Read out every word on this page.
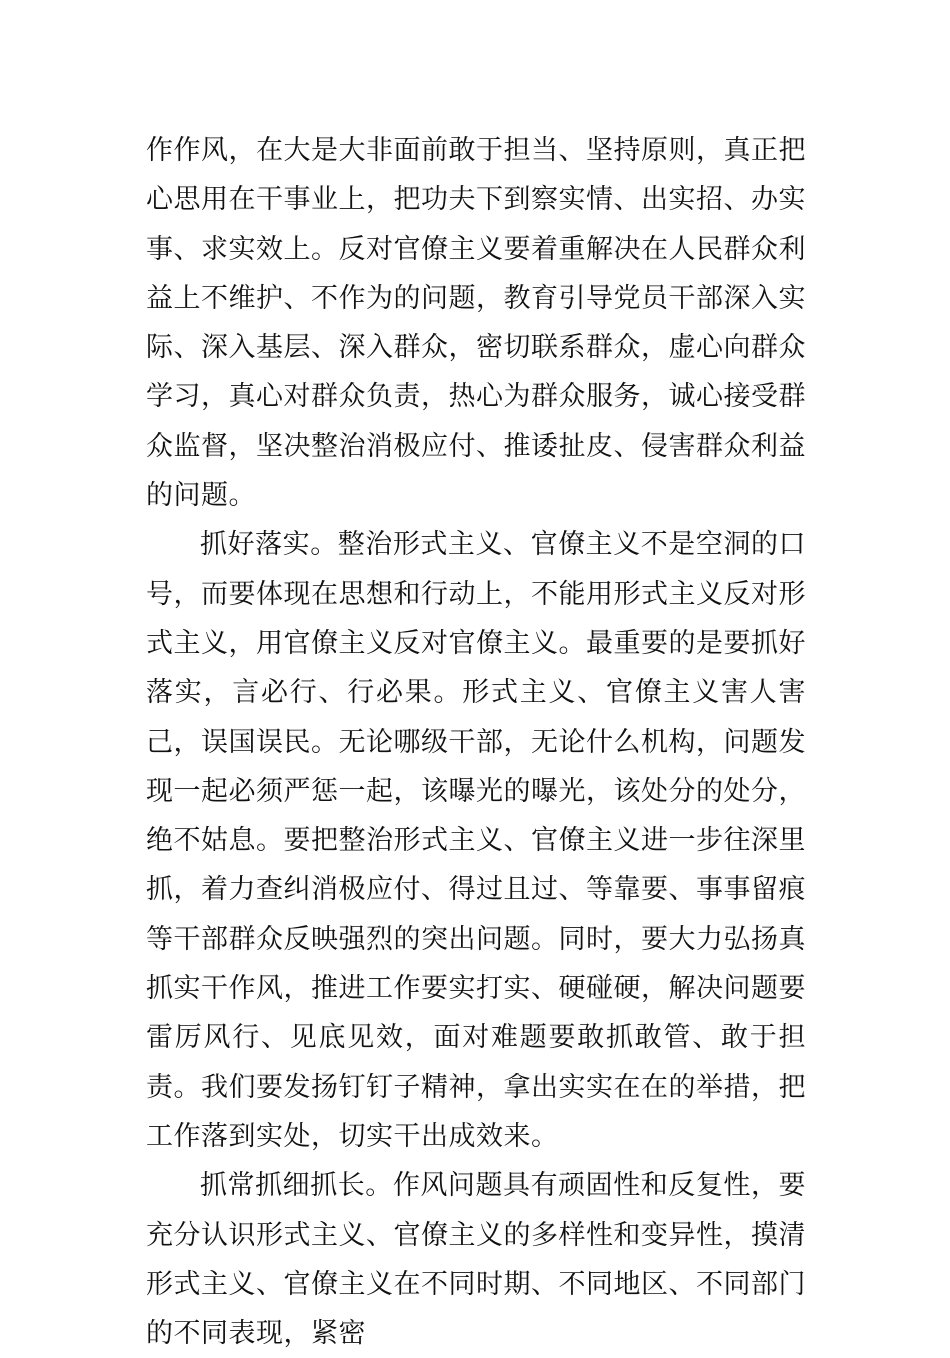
作作风，在大是大非面前敢于担当、坚持原则，真正把心思用在干事业上，把功夫下到察实情、出实招、办实事、求实效上。反对官僚主义要着重解决在人民群众利益上不维护、不作为的问题，教育引导党员干部深入实际、深入基层、深入群众，密切联系群众，虚心向群众学习，真心对群众负责，热心为群众服务，诚心接受群众监督，坚决整治消极应付、推诿扯皮、侵害群众利益的问题。

抓好落实。整治形式主义、官僚主义不是空洞的口号，而要体现在思想和行动上，不能用形式主义反对形式主义，用官僚主义反对官僚主义。最重要的是要抓好落实，言必行、行必果。形式主义、官僚主义害人害己，误国误民。无论哪级干部，无论什么机构，问题发现一起必须严惩一起，该曝光的曝光，该处分的处分，绝不姑息。要把整治形式主义、官僚主义进一步往深里抓，着力查纠消极应付、得过且过、等靠要、事事留痕等干部群众反映强烈的突出问题。同时，要大力弘扬真抓实干作风，推进工作要实打实、硬碰硬，解决问题要雷厉风行、见底见效，面对难题要敢抓敢管、敢于担责。我们要发扬钉钉子精神，拿出实实在在的举措，把工作落到实处，切实干出成效来。

抓常抓细抓长。作风问题具有顽固性和反复性，要充分认识形式主义、官僚主义的多样性和变异性，摸清形式主义、官僚主义在不同时期、不同地区、不同部门的不同表现，紧密
